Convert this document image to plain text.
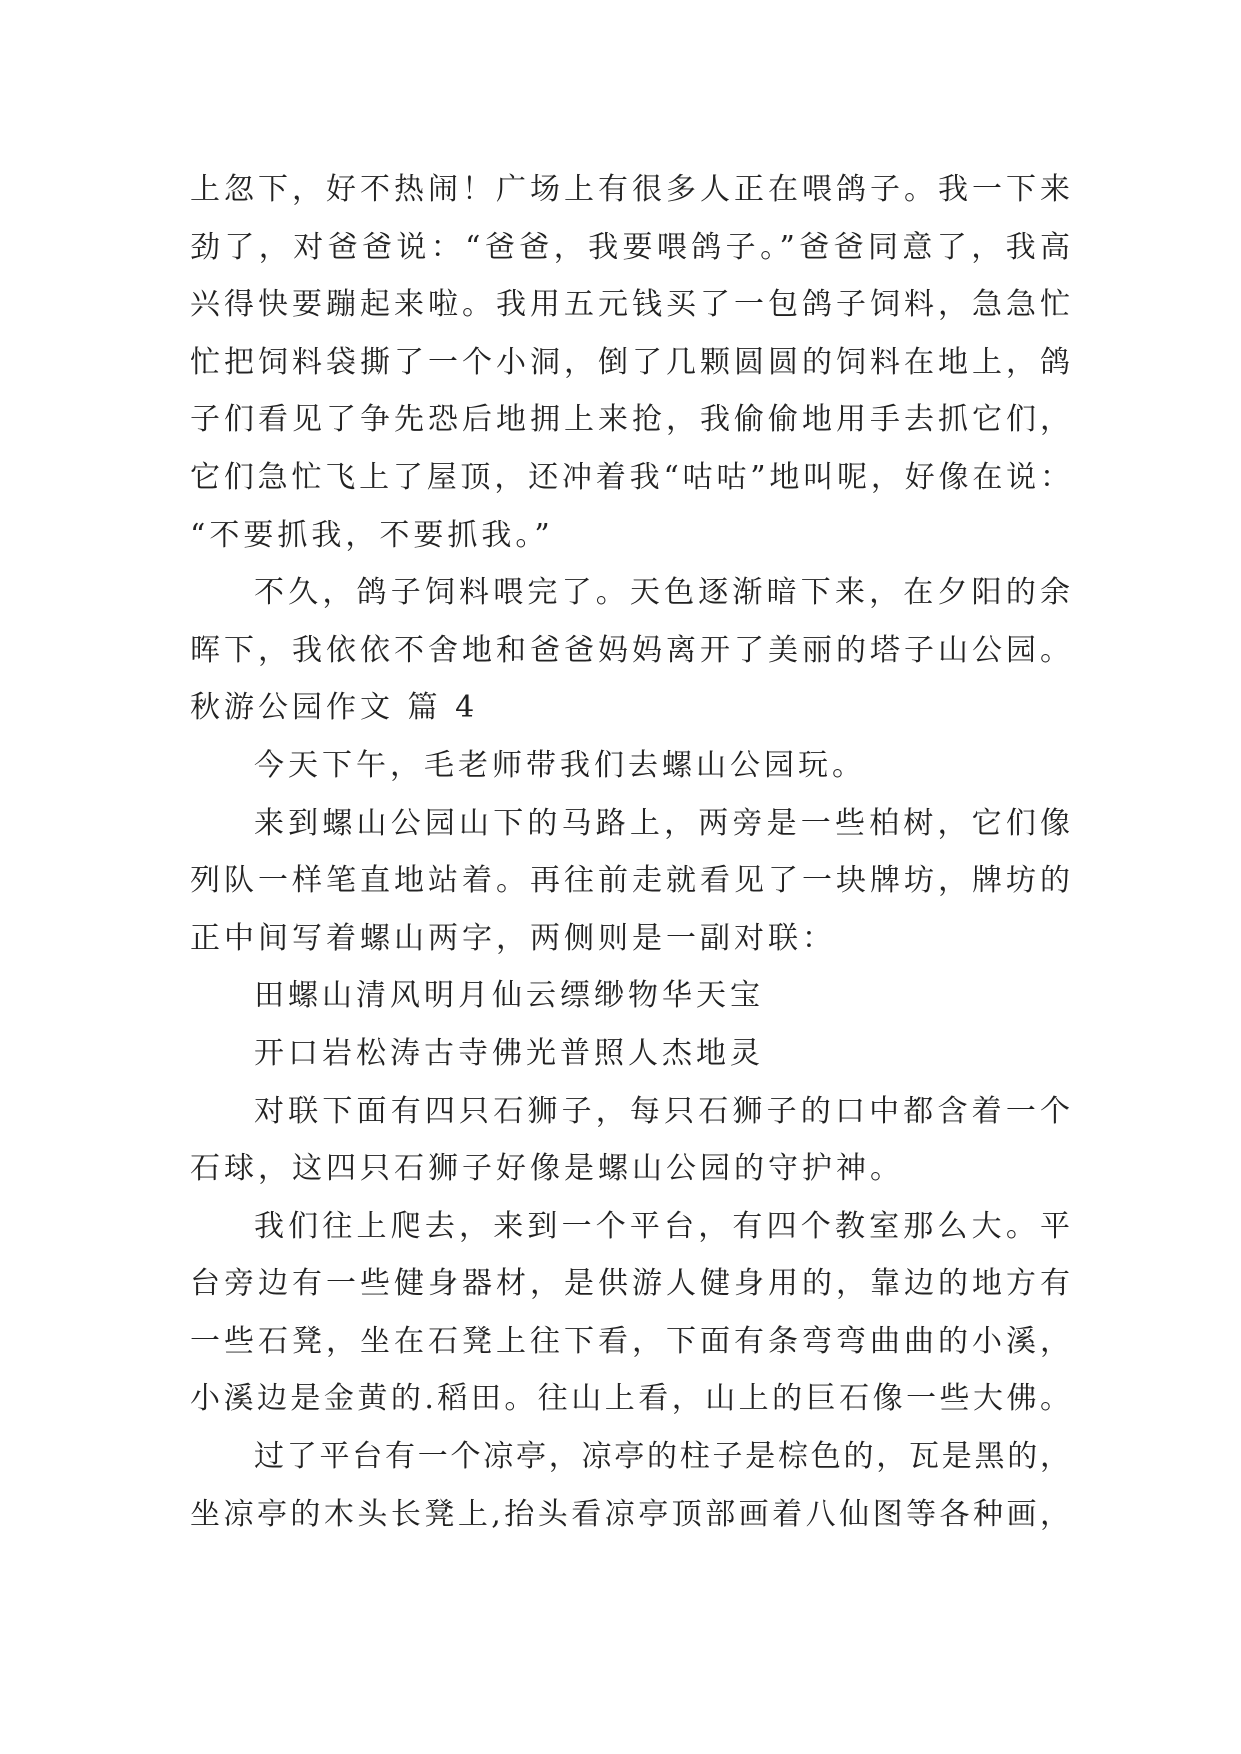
上忽下，好不热闹！广场上有很多人正在喂鸽子。我一下来
劲了，对爸爸说：“爸爸，我要喂鸽子。”爸爸同意了，我高
兴得快要蹦起来啦。我用五元钱买了一包鸽子饲料，急急忙
忙把饲料袋撕了一个小洞，倒了几颗圆圆的饲料在地上，鸽
子们看见了争先恐后地拥上来抢，我偷偷地用手去抓它们，
它们急忙飞上了屋顶，还冲着我“咕咕”地叫呢，好像在说：
“不要抓我，不要抓我。”
不久，鸽子饲料喂完了。天色逐渐暗下来，在夕阳的余
晖下，我依依不舍地和爸爸妈妈离开了美丽的塔子山公园。
秋游公园作文 篇 4
今天下午，毛老师带我们去螺山公园玩。
来到螺山公园山下的马路上，两旁是一些柏树，它们像
列队一样笔直地站着。再往前走就看见了一块牌坊，牌坊的
正中间写着螺山两字，两侧则是一副对联：
田螺山清风明月仙云缥缈物华天宝
开口岩松涛古寺佛光普照人杰地灵
对联下面有四只石狮子，每只石狮子的口中都含着一个
石球，这四只石狮子好像是螺山公园的守护神。
我们往上爬去，来到一个平台，有四个教室那么大。平
台旁边有一些健身器材，是供游人健身用的，靠边的地方有
一些石凳，坐在石凳上往下看，下面有条弯弯曲曲的小溪，
小溪边是金黄的.稻田。往山上看，山上的巨石像一些大佛。
过了平台有一个凉亭，凉亭的柱子是棕色的，瓦是黑的，
坐凉亭的木头长凳上,抬头看凉亭顶部画着八仙图等各种画，
